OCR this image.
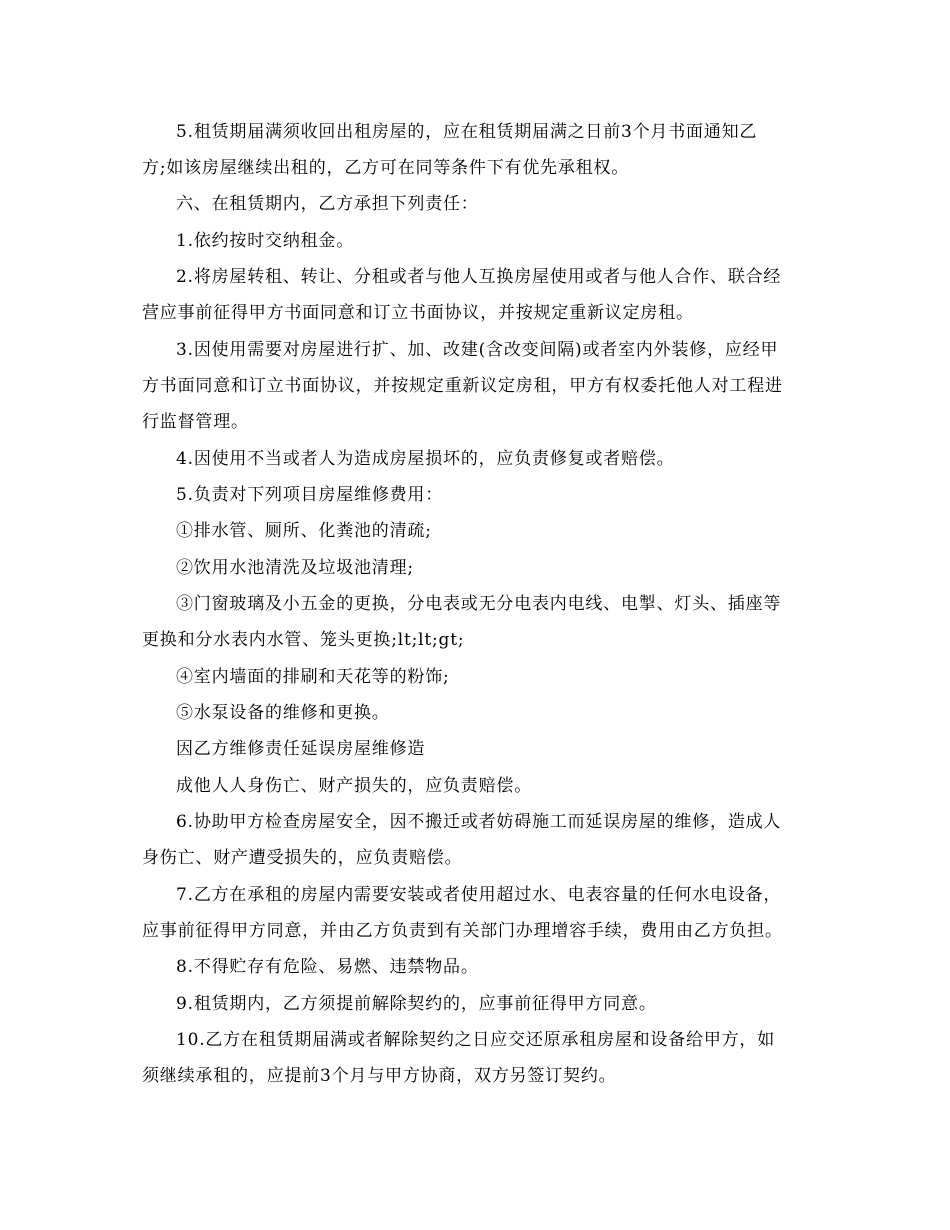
5.租赁期届满须收回出租房屋的，应在租赁期届满之日前3个月书面通知乙
方;如该房屋继续出租的，乙方可在同等条件下有优先承租权。
六、在租赁期内，乙方承担下列责任：
1.依约按时交纳租金。
2.将房屋转租、转让、分租或者与他人互换房屋使用或者与他人合作、联合经
营应事前征得甲方书面同意和订立书面协议，并按规定重新议定房租。
3.因使用需要对房屋进行扩、加、改建(含改变间隔)或者室内外装修，应经甲
方书面同意和订立书面协议，并按规定重新议定房租，甲方有权委托他人对工程进
行监督管理。
4.因使用不当或者人为造成房屋损坏的，应负责修复或者赔偿。
5.负责对下列项目房屋维修费用：
①排水管、厕所、化粪池的清疏;
②饮用水池清洗及垃圾池清理;
③门窗玻璃及小五金的更换，分电表或无分电表内电线、电掣、灯头、插座等
更换和分水表内水管、笼头更换;lt;lt;gt;
④室内墙面的排刷和天花等的粉饰;
⑤水泵设备的维修和更换。
因乙方维修责任延误房屋维修造
成他人人身伤亡、财产损失的，应负责赔偿。
6.协助甲方检查房屋安全，因不搬迁或者妨碍施工而延误房屋的维修，造成人
身伤亡、财产遭受损失的，应负责赔偿。
7.乙方在承租的房屋内需要安装或者使用超过水、电表容量的任何水电设备，
应事前征得甲方同意，并由乙方负责到有关部门办理增容手续，费用由乙方负担。
8.不得贮存有危险、易燃、违禁物品。
9.租赁期内，乙方须提前解除契约的，应事前征得甲方同意。
10.乙方在租赁期届满或者解除契约之日应交还原承租房屋和设备给甲方，如
须继续承租的，应提前3个月与甲方协商，双方另签订契约。
